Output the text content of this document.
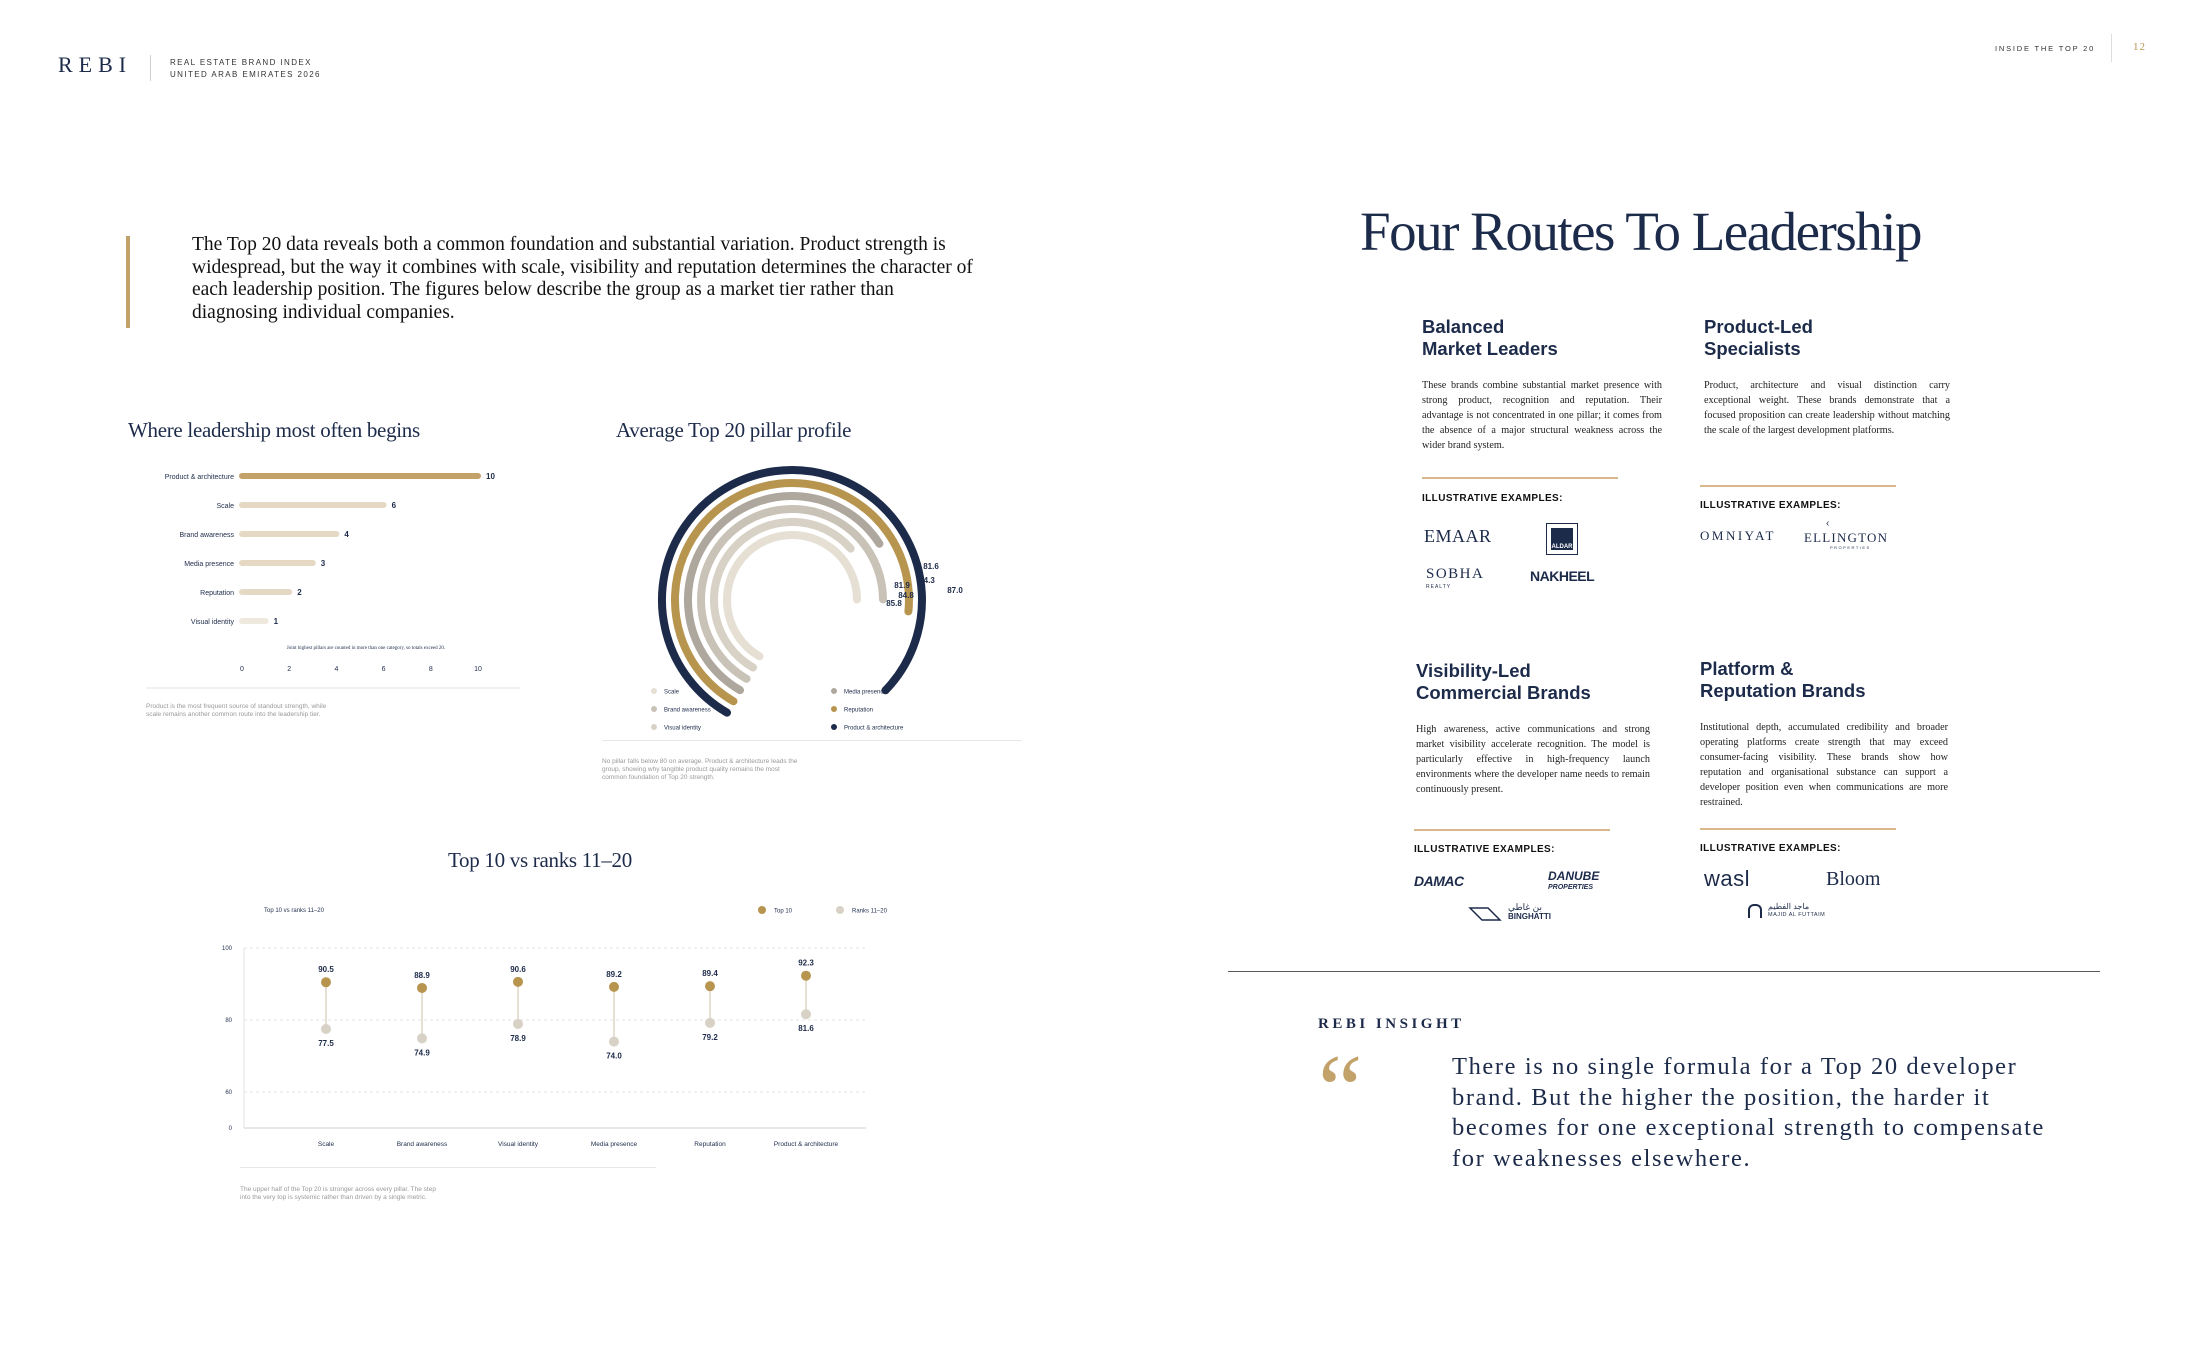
REBI	REAL ESTATE BRAND INDEX
UNITED ARAB EMIRATES 2026
INSIDE THE TOP 20	12
The Top 20 data reveals both a common foundation and substantial variation. Product strength is widespread, but the way it combines with scale, visibility and reputation determines the character of each leadership position. The figures below describe the group as a market tier rather than diagnosing individual companies.
Where leadership most often begins
Product & architecture	10
Scale	6
Brand awareness	4
Media presence	3
Reputation	2
Visual identity	1
Joint highest pillars are counted in more than one category, so totals exceed 20.
0	2	4	6	8	10
Product is the most frequent source of standout strength, while scale remains another common route into the leadership tier.
Average Top 20 pillar profile
87.0
84.3
81.6
84.8
81.9
85.8
Scale	Media presence
Brand awareness	Reputation
Visual identity	Product & architecture
No pillar falls below 80 on average. Product & architecture leads the group, showing why tangible product quality remains the most common foundation of Top 20 strength.
Top 10 vs ranks 11–20
Top 10 vs ranks 11–20	Top 10	Ranks 11–20
0
60
80
100
90.5
77.5
Scale
88.9
74.9
Brand awareness
90.6
78.9
Visual identity
89.2
74.0
Media presence
89.4
79.2
Reputation
92.3
81.6
Product & architecture
The upper half of the Top 20 is stronger across every pillar. The step into the very top is systemic rather than driven by a single metric.
Four Routes To Leadership
Balanced
Market Leaders
These brands combine substantial market presence with strong product, recognition and reputation. Their advantage is not concentrated in one pillar; it comes from the absence of a major structural weakness across the wider brand system.
ILLUSTRATIVE EXAMPLES:
EMAAR
ALDAR
SOBHA
REALTY
NAKHEEL
Product-Led
Specialists
Product, architecture and visual distinction carry exceptional weight. These brands demonstrate that a focused proposition can create leadership without matching the scale of the largest development platforms.
ILLUSTRATIVE EXAMPLES:
OMNIYAT
‹
ELLINGTON
PROPERTIES
Visibility-Led
Commercial Brands
High awareness, active communications and strong market visibility accelerate recognition. The model is particularly effective in high-frequency launch environments where the developer name needs to remain continuously present.
ILLUSTRATIVE EXAMPLES:
DAMAC	DANUBE
PROPERTIES
بن غاطي
BINGHATTI
Platform &
Reputation Brands
Institutional depth, accumulated credibility and broader operating platforms create strength that may exceed consumer-facing visibility. These brands show how reputation and organisational substance can support a developer position even when communications are more restrained.
ILLUSTRATIVE EXAMPLES:
wasl	Bloom
ماجد الفطيم
MAJID AL FUTTAIM
REBI INSIGHT
“	There is no single formula for a Top 20 developer brand. But the higher the position, the harder it becomes for one exceptional strength to compensate for weaknesses elsewhere.
